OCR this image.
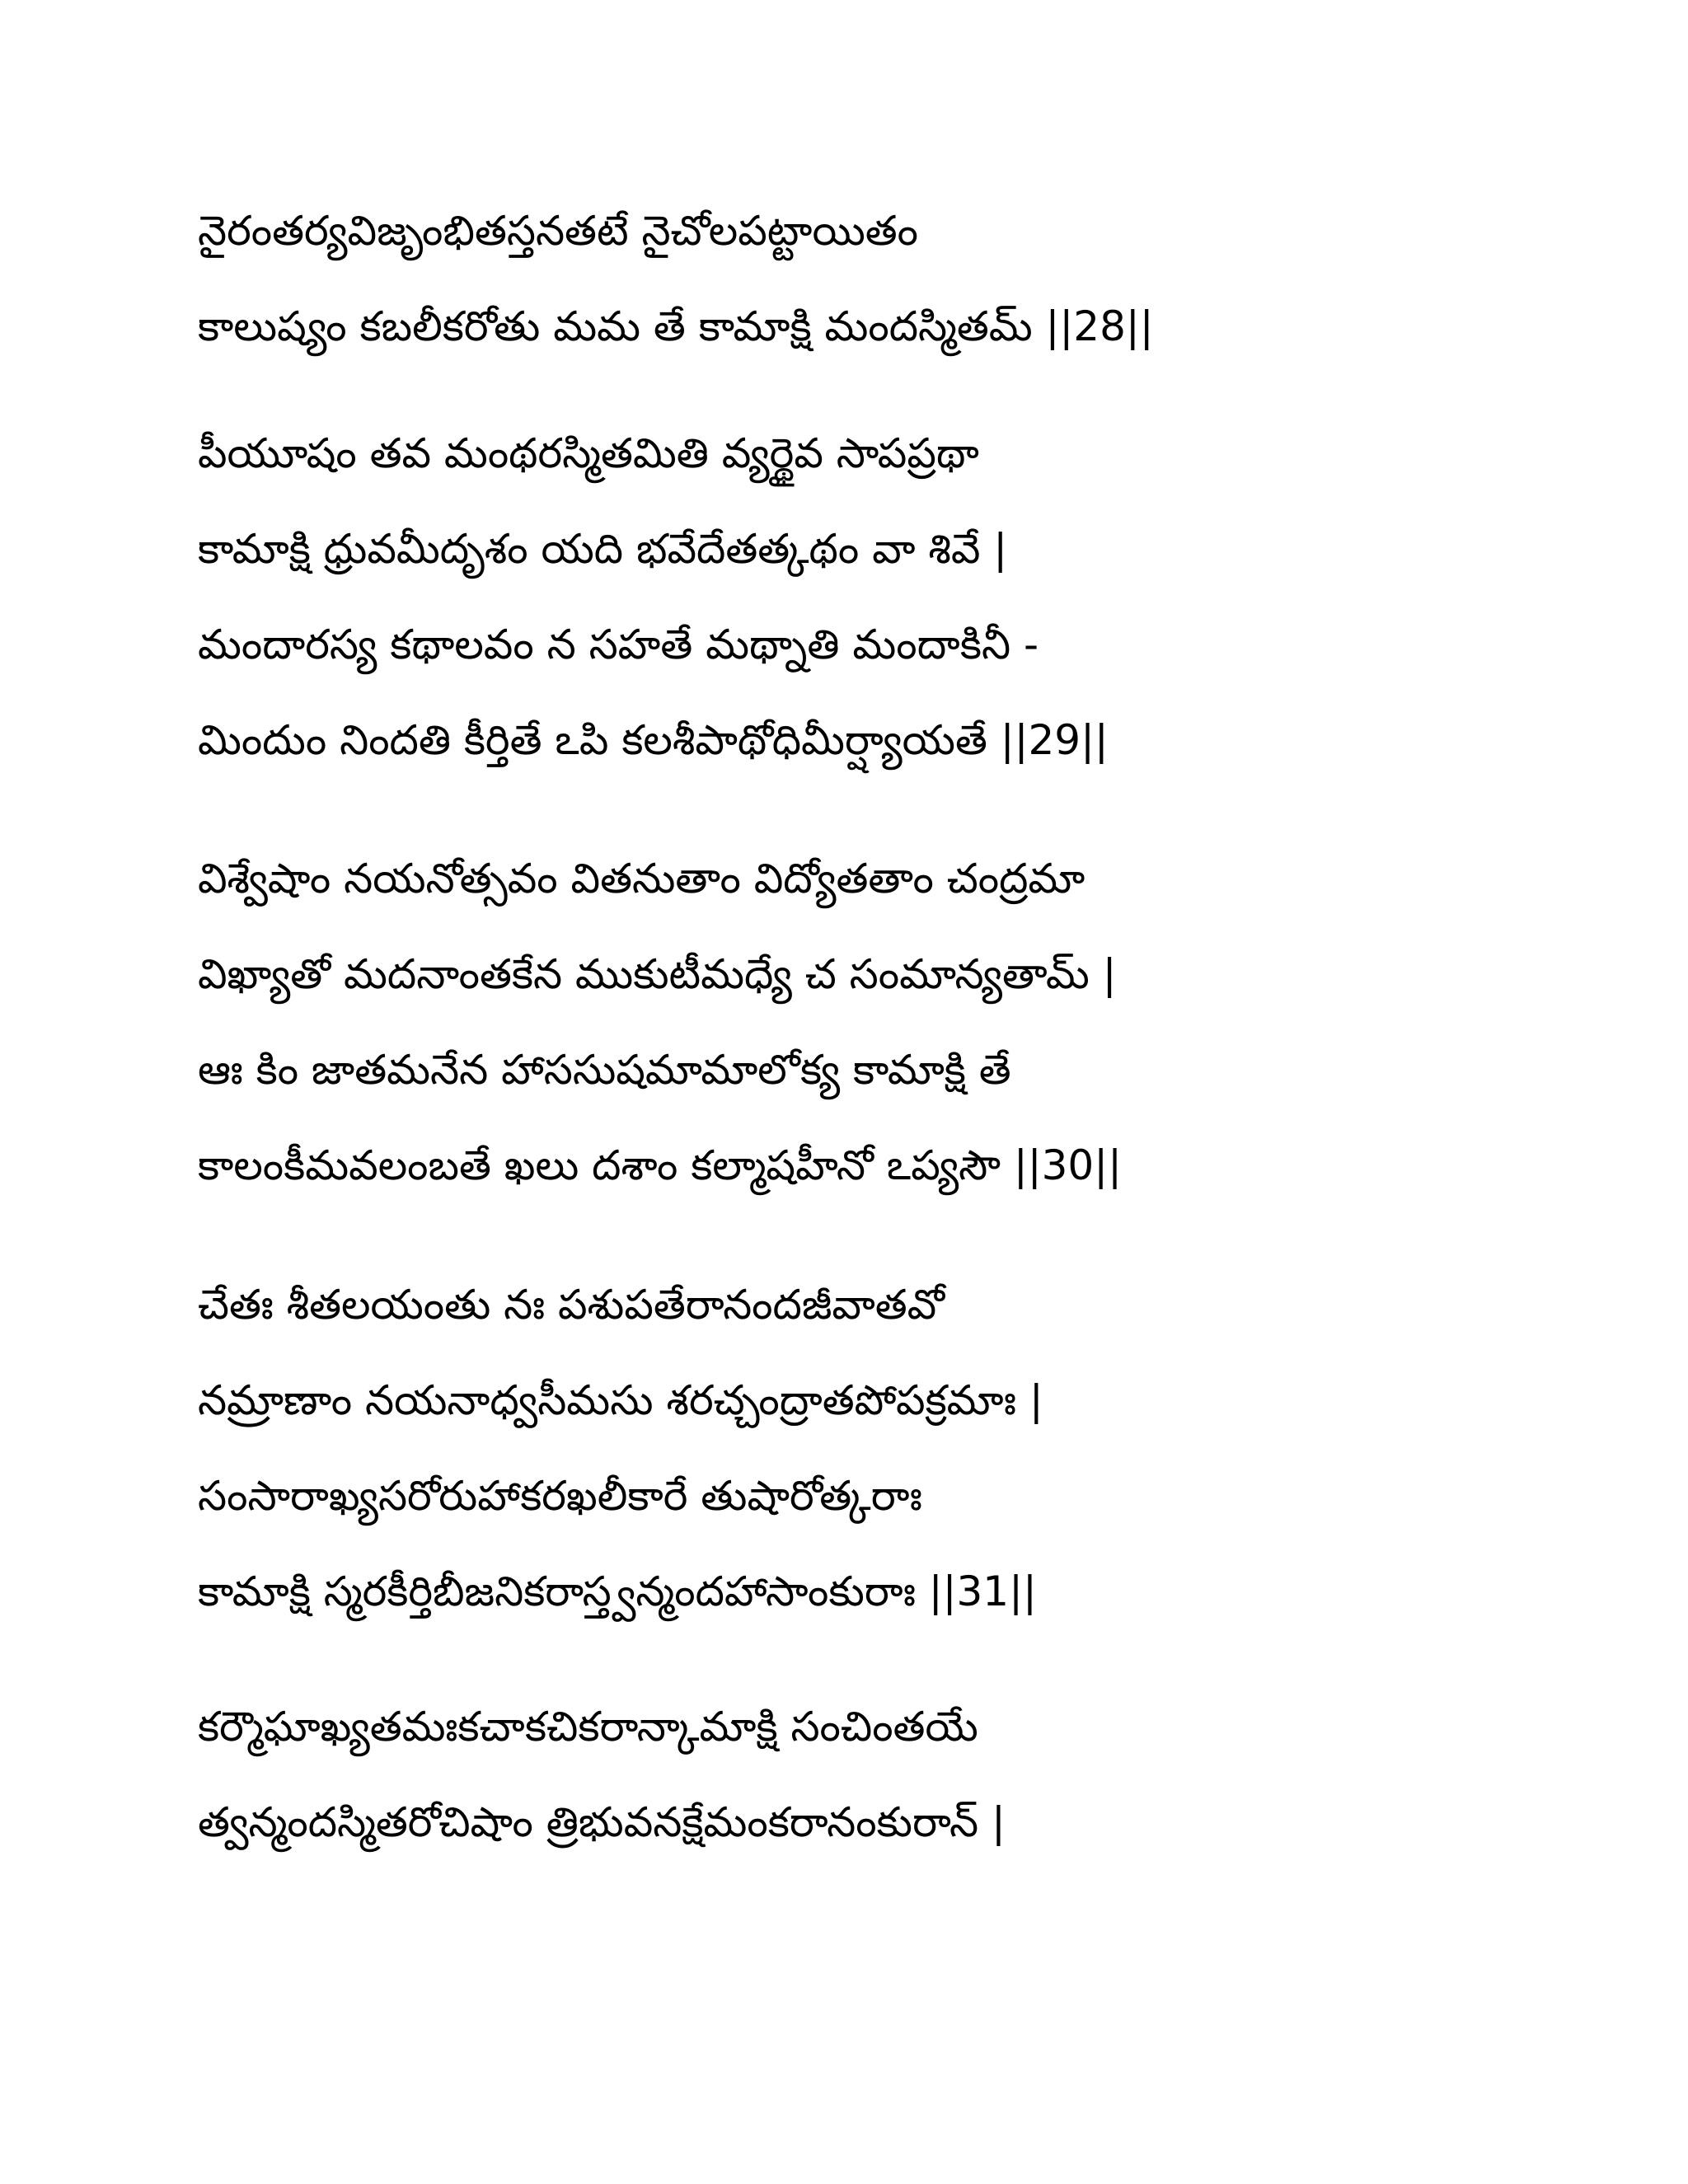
నైరంతర్యవిజృంభితస్తనతటే నైచోలపట్టాయితం
కాలుష్యం కబలీకరోతు మమ తే కామాక్షి మందస్మితమ్ ||28||
పీయూషం తవ మంథరస్మితమితి వ్యర్థైవ సాపప్రథా
కామాక్షి ధ్రువమీదృశం యది భవేదేతత్కథం వా శివే |
మందారస్య కథాలవం న సహతే మథ్నాతి మందాకినీ -
మిందుం నిందతి కీర్తితే ఽపి కలశీపాథోధిమీర్ష్యాయతే ||29||
విశ్వేషాం నయనోత్సవం వితనుతాం విద్యోతతాం చంద్రమా
విఖ్యాతో మదనాంతకేన ముకుటీమధ్యే చ సంమాన్యతామ్ |
ఆః కిం జాతమనేన హాససుషమామాలోక్య కామాక్షి తే
కాలంకీమవలంబతే ఖలు దశాం కల్మాషహీనో ఽప్యసౌ ||30||
చేతః శీతలయంతు నః పశుపతేరానందజీవాతవో
నమ్రాణాం నయనాధ్వసీమసు శరచ్చంద్రాతపోపక్రమాః |
సంసారాఖ్యసరోరుహాకరఖలీకారే తుషారోత్కరాః
కామాక్షి స్మరకీర్తిబీజనికరాస్త్వన్మందహాసాంకురాః ||31||
కర్మౌఘాఖ్యతమఃకచాకచికరాన్కామాక్షి సంచింతయే
త్వన్మందస్మితరోచిషాం త్రిభువనక్షేమంకరానంకురాన్ |
